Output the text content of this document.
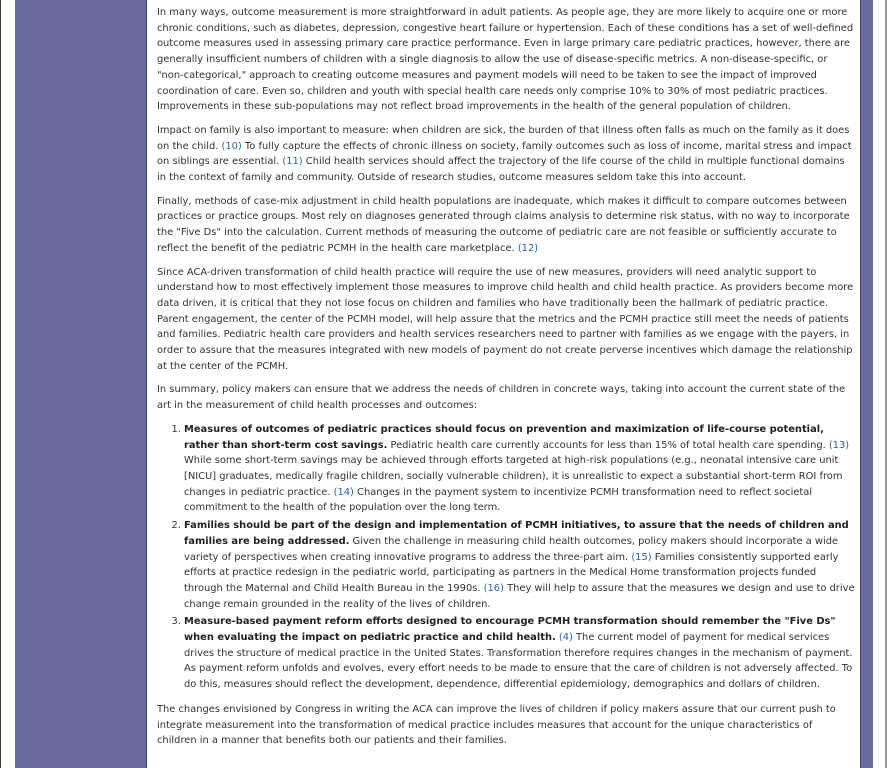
In many ways, outcome measurement is more straightforward in adult patients. As people age, they are more likely to acquire one or more chronic conditions, such as diabetes, depression, congestive heart failure or hypertension. Each of these conditions has a set of well-defined outcome measures used in assessing primary care practice performance. Even in large primary care pediatric practices, however, there are generally insufficient numbers of children with a single diagnosis to allow the use of disease-specific metrics. A non-disease-specific, or "non-categorical," approach to creating outcome measures and payment models will need to be taken to see the impact of improved coordination of care. Even so, children and youth with special health care needs only comprise 10% to 30% of most pediatric practices. Improvements in these sub-populations may not reflect broad improvements in the health of the general population of children.

Impact on family is also important to measure: when children are sick, the burden of that illness often falls as much on the family as it does on the child. (10) To fully capture the effects of chronic illness on society, family outcomes such as loss of income, marital stress and impact on siblings are essential. (11) Child health services should affect the trajectory of the life course of the child in multiple functional domains in the context of family and community. Outside of research studies, outcome measures seldom take this into account.

Finally, methods of case-mix adjustment in child health populations are inadequate, which makes it difficult to compare outcomes between practices or practice groups. Most rely on diagnoses generated through claims analysis to determine risk status, with no way to incorporate the "Five Ds" into the calculation. Current methods of measuring the outcome of pediatric care are not feasible or sufficiently accurate to reflect the benefit of the pediatric PCMH in the health care marketplace. (12)

Since ACA-driven transformation of child health practice will require the use of new measures, providers will need analytic support to understand how to most effectively implement those measures to improve child health and child health practice. As providers become more data driven, it is critical that they not lose focus on children and families who have traditionally been the hallmark of pediatric practice. Parent engagement, the center of the PCMH model, will help assure that the metrics and the PCMH practice still meet the needs of patients and families. Pediatric health care providers and health services researchers need to partner with families as we engage with the payers, in order to assure that the measures integrated with new models of payment do not create perverse incentives which damage the relationship at the center of the PCMH.

In summary, policy makers can ensure that we address the needs of children in concrete ways, taking into account the current state of the art in the measurement of child health processes and outcomes:

1. Measures of outcomes of pediatric practices should focus on prevention and maximization of life-course potential, rather than short-term cost savings. Pediatric health care currently accounts for less than 15% of total health care spending. (13) While some short-term savings may be achieved through efforts targeted at high-risk populations (e.g., neonatal intensive care unit [NICU] graduates, medically fragile children, socially vulnerable children), it is unrealistic to expect a substantial short-term ROI from changes in pediatric practice. (14) Changes in the payment system to incentivize PCMH transformation need to reflect societal commitment to the health of the population over the long term.
2. Families should be part of the design and implementation of PCMH initiatives, to assure that the needs of children and families are being addressed. Given the challenge in measuring child health outcomes, policy makers should incorporate a wide variety of perspectives when creating innovative programs to address the three-part aim. (15) Families consistently supported early efforts at practice redesign in the pediatric world, participating as partners in the Medical Home transformation projects funded through the Maternal and Child Health Bureau in the 1990s. (16) They will help to assure that the measures we design and use to drive change remain grounded in the reality of the lives of children.
3. Measure-based payment reform efforts designed to encourage PCMH transformation should remember the "Five Ds" when evaluating the impact on pediatric practice and child health. (4) The current model of payment for medical services drives the structure of medical practice in the United States. Transformation therefore requires changes in the mechanism of payment. As payment reform unfolds and evolves, every effort needs to be made to ensure that the care of children is not adversely affected. To do this, measures should reflect the development, dependence, differential epidemiology, demographics and dollars of children.

The changes envisioned by Congress in writing the ACA can improve the lives of children if policy makers assure that our current push to integrate measurement into the transformation of medical practice includes measures that account for the unique characteristics of children in a manner that benefits both our patients and their families.
